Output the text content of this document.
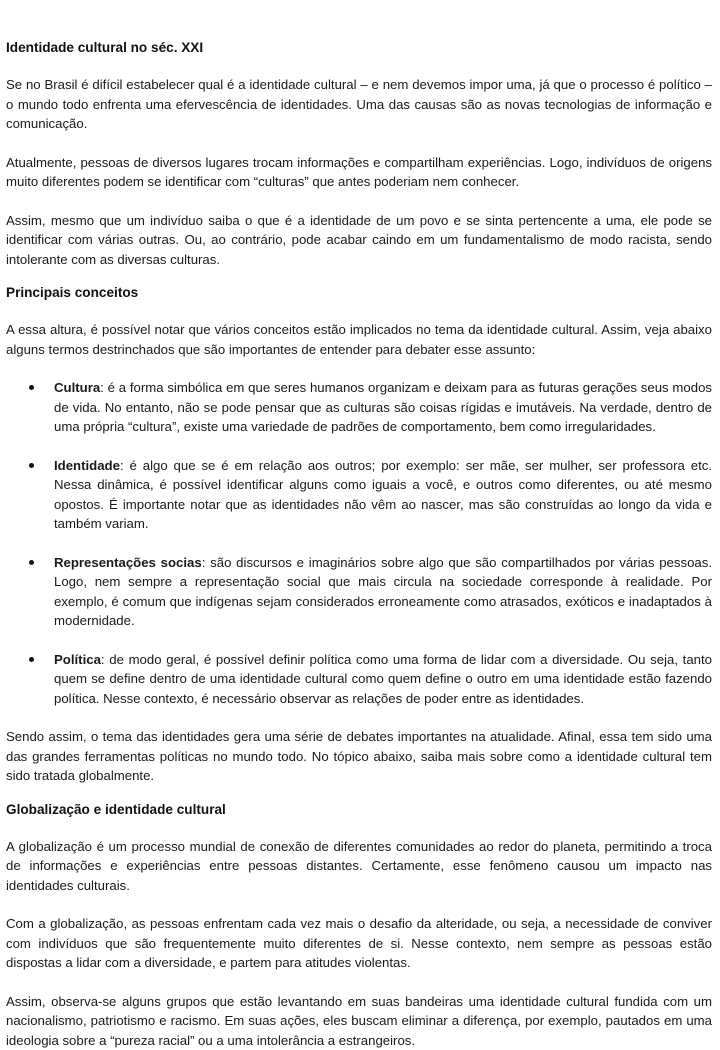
Identidade cultural no séc. XXI

Se no Brasil é difícil estabelecer qual é a identidade cultural – e nem devemos impor uma, já que o processo é político – o mundo todo enfrenta uma efervescência de identidades. Uma das causas são as novas tecnologias de informação e comunicação.

Atualmente, pessoas de diversos lugares trocam informações e compartilham experiências. Logo, indivíduos de origens muito diferentes podem se identificar com “culturas” que antes poderiam nem conhecer.

Assim, mesmo que um indivíduo saiba o que é a identidade de um povo e se sinta pertencente a uma, ele pode se identificar com várias outras. Ou, ao contrário, pode acabar caindo em um fundamentalismo de modo racista, sendo intolerante com as diversas culturas.

Principais conceitos

A essa altura, é possível notar que vários conceitos estão implicados no tema da identidade cultural. Assim, veja abaixo alguns termos destrinchados que são importantes de entender para debater esse assunto:

Cultura: é a forma simbólica em que seres humanos organizam e deixam para as futuras gerações seus modos de vida. No entanto, não se pode pensar que as culturas são coisas rígidas e imutáveis. Na verdade, dentro de uma própria “cultura”, existe uma variedade de padrões de comportamento, bem como irregularidades.
Identidade: é algo que se é em relação aos outros; por exemplo: ser mãe, ser mulher, ser professora etc. Nessa dinâmica, é possível identificar alguns como iguais a você, e outros como diferentes, ou até mesmo opostos. É importante notar que as identidades não vêm ao nascer, mas são construídas ao longo da vida e também variam.
Representações socias: são discursos e imaginários sobre algo que são compartilhados por várias pessoas. Logo, nem sempre a representação social que mais circula na sociedade corresponde à realidade. Por exemplo, é comum que indígenas sejam considerados erroneamente como atrasados, exóticos e inadaptados à modernidade.
Política: de modo geral, é possível definir política como uma forma de lidar com a diversidade. Ou seja, tanto quem se define dentro de uma identidade cultural como quem define o outro em uma identidade estão fazendo política. Nesse contexto, é necessário observar as relações de poder entre as identidades.

Sendo assim, o tema das identidades gera uma série de debates importantes na atualidade. Afinal, essa tem sido uma das grandes ferramentas políticas no mundo todo. No tópico abaixo, saiba mais sobre como a identidade cultural tem sido tratada globalmente.

Globalização e identidade cultural

A globalização é um processo mundial de conexão de diferentes comunidades ao redor do planeta, permitindo a troca de informações e experiências entre pessoas distantes. Certamente, esse fenômeno causou um impacto nas identidades culturais.

Com a globalização, as pessoas enfrentam cada vez mais o desafio da alteridade, ou seja, a necessidade de conviver com indivíduos que são frequentemente muito diferentes de si. Nesse contexto, nem sempre as pessoas estão dispostas a lidar com a diversidade, e partem para atitudes violentas.

Assim, observa-se alguns grupos que estão levantando em suas bandeiras uma identidade cultural fundida com um nacionalismo, patriotismo e racismo. Em suas ações, eles buscam eliminar a diferença, por exemplo, pautados em uma ideologia sobre a “pureza racial” ou a uma intolerância a estrangeiros.
